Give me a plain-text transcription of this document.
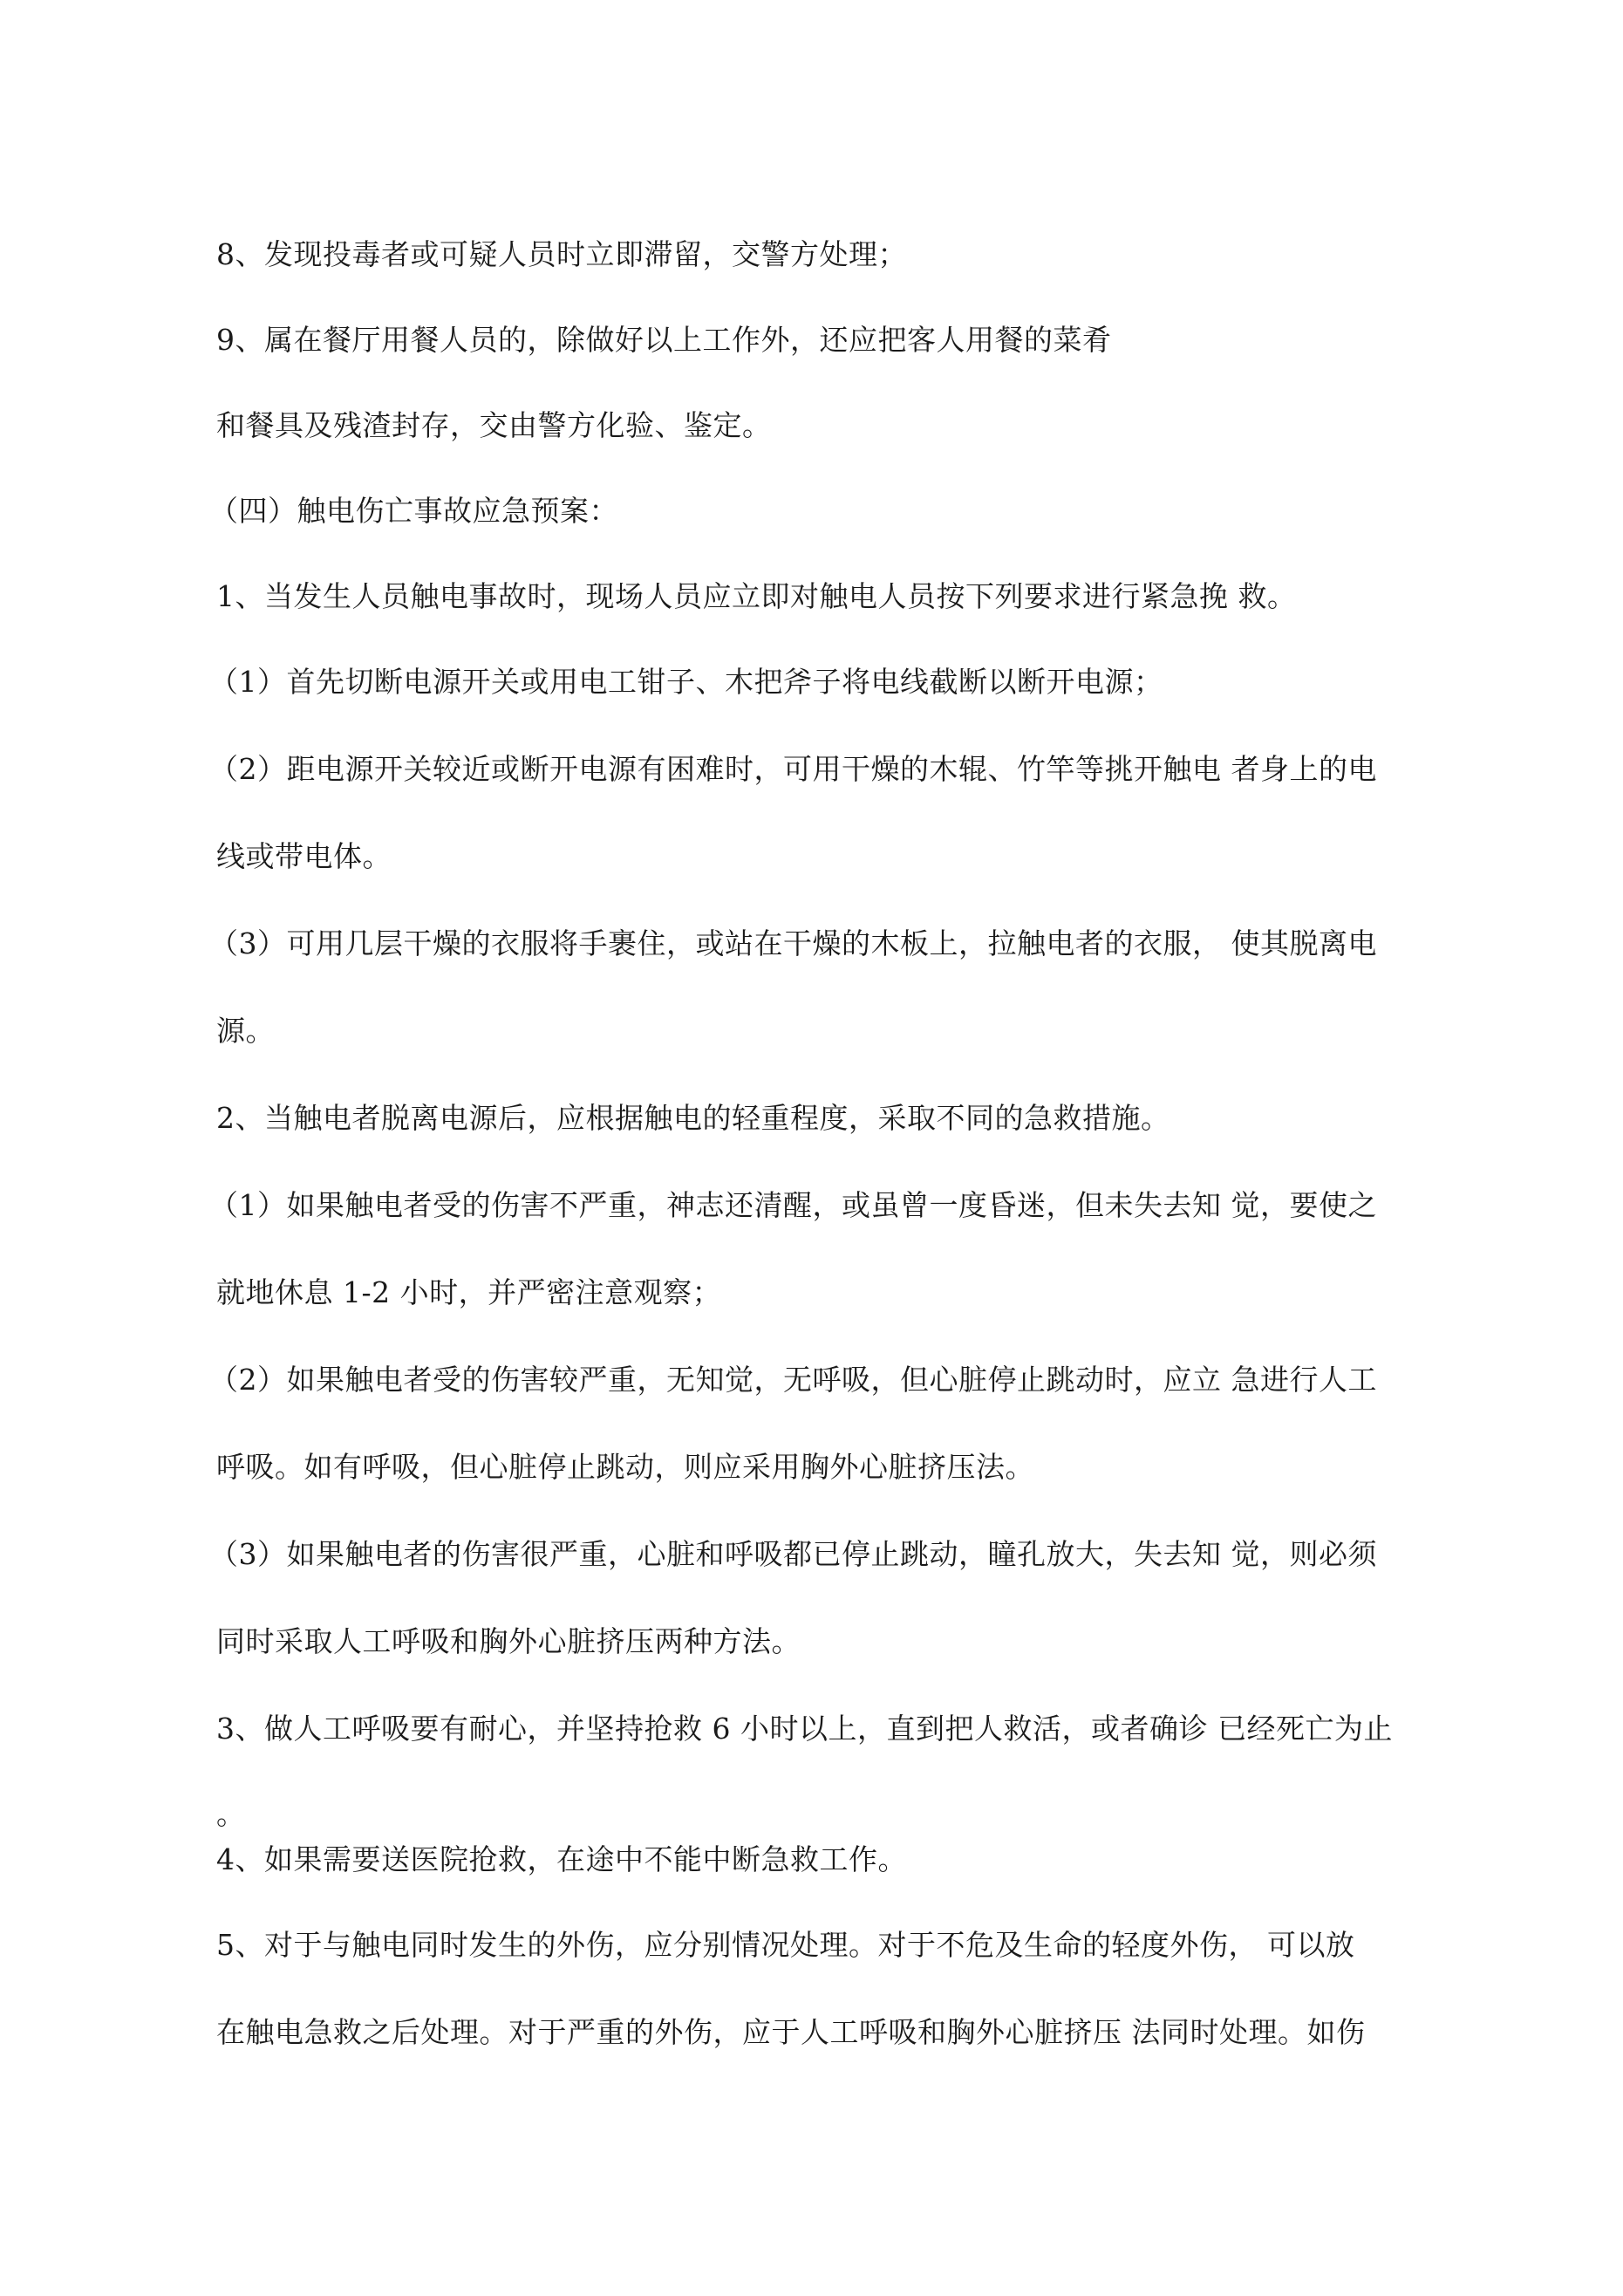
8、发现投毒者或可疑人员时立即滞留，交警方处理；
9、属在餐厅用餐人员的，除做好以上工作外，还应把客人用餐的菜肴
和餐具及残渣封存，交由警方化验、鉴定。
（四）触电伤亡事故应急预案：
1、当发生人员触电事故时，现场人员应立即对触电人员按下列要求进行紧急挽 救。
（1）首先切断电源开关或用电工钳子、木把斧子将电线截断以断开电源；
（2）距电源开关较近或断开电源有困难时，可用干燥的木辊、竹竿等挑开触电 者身上的电
线或带电体。
（3）可用几层干燥的衣服将手裹住，或站在干燥的木板上，拉触电者的衣服， 使其脱离电
源。
2、当触电者脱离电源后，应根据触电的轻重程度，采取不同的急救措施。
（1）如果触电者受的伤害不严重，神志还清醒，或虽曾一度昏迷，但未失去知 觉，要使之
就地休息 1-2 小时，并严密注意观察；
（2）如果触电者受的伤害较严重，无知觉，无呼吸，但心脏停止跳动时，应立 急进行人工
呼吸。如有呼吸，但心脏停止跳动，则应采用胸外心脏挤压法。
（3）如果触电者的伤害很严重，心脏和呼吸都已停止跳动，瞳孔放大，失去知 觉，则必须
同时采取人工呼吸和胸外心脏挤压两种方法。
3、做人工呼吸要有耐心，并坚持抢救 6 小时以上，直到把人救活，或者确诊 已经死亡为止
。
4、如果需要送医院抢救，在途中不能中断急救工作。
5、对于与触电同时发生的外伤，应分别情况处理。对于不危及生命的轻度外伤， 可以放
在触电急救之后处理。对于严重的外伤，应于人工呼吸和胸外心脏挤压 法同时处理。如伤
